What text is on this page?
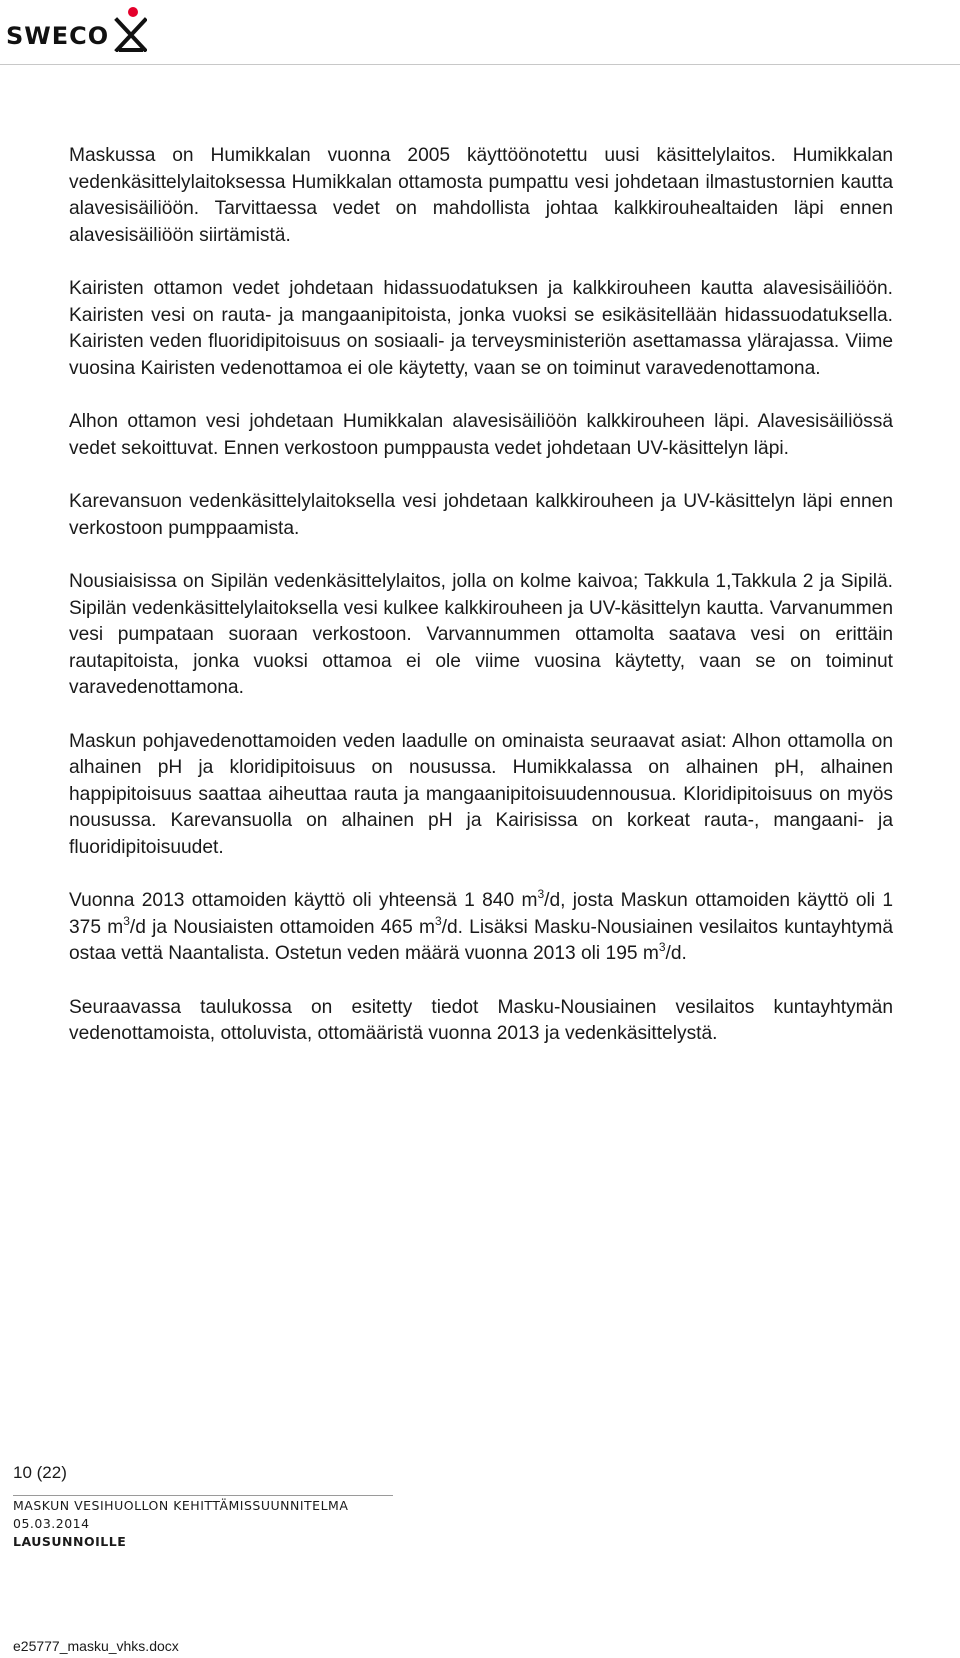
SWECO

Maskussa on Humikkalan vuonna 2005 käyttöönotettu uusi käsittelylaitos. Humikkalan vedenkäsittelylaitoksessa Humikkalan ottamosta pumpattu vesi johdetaan ilmastustornien kautta alavesisäiliöön. Tarvittaessa vedet on mahdollista johtaa kalkkirouhealtaiden läpi ennen alavesisäiliöön siirtämistä.

Kairisten ottamon vedet johdetaan hidassuodatuksen ja kalkkirouheen kautta alavesisäiliöön. Kairisten vesi on rauta- ja mangaanipitoista, jonka vuoksi se esikäsitellään hidassuodatuksella. Kairisten veden fluoridipitoisuus on sosiaali- ja terveysministeriön asettamassa ylärajassa. Viime vuosina Kairisten vedenottamoa ei ole käytetty, vaan se on toiminut varavedenottamona.

Alhon ottamon vesi johdetaan Humikkalan alavesisäiliöön kalkkirouheen läpi. Alavesisäiliössä vedet sekoittuvat. Ennen verkostoon pumppausta vedet johdetaan UV-käsittelyn läpi.

Karevansuon vedenkäsittelylaitoksella vesi johdetaan kalkkirouheen ja UV-käsittelyn läpi ennen verkostoon pumppaamista.

Nousiaisissa on Sipilän vedenkäsittelylaitos, jolla on kolme kaivoa; Takkula 1,Takkula 2 ja Sipilä. Sipilän vedenkäsittelylaitoksella vesi kulkee kalkkirouheen ja UV-käsittelyn kautta. Varvanummen vesi pumpataan suoraan verkostoon. Varvannummen ottamolta saatava vesi on erittäin rautapitoista, jonka vuoksi ottamoa ei ole viime vuosina käytetty, vaan se on toiminut varavedenottamona.

Maskun pohjavedenottamoiden veden laadulle on ominaista seuraavat asiat: Alhon ottamolla on alhainen pH ja kloridipitoisuus on nousussa. Humikkalassa on alhainen pH, alhainen happipitoisuus saattaa aiheuttaa rauta ja mangaanipitoisuudennousua. Kloridipitoisuus on myös nousussa. Karevansuolla on alhainen pH ja Kairisissa on korkeat rauta-, mangaani- ja fluoridipitoisuudet.

Vuonna 2013 ottamoiden käyttö oli yhteensä 1 840 $m^3/d$, josta Maskun ottamoiden käyttö oli 1 375 $m^3/d$ ja Nousiaisten ottamoiden 465 $m^3/d$. Lisäksi Masku-Nousiainen vesilaitos kuntayhtymä ostaa vettä Naantalista. Ostetun veden määrä vuonna 2013 oli 195 $m^3/d$.

Seuraavassa taulukossa on esitetty tiedot Masku-Nousiainen vesilaitos kuntayhtymän vedenottamoista, ottoluvista, ottomääristä vuonna 2013 ja vedenkäsittelystä.

10 (22)
MASKUN VESIHUOLLON KEHITTÄMISSUUNNITELMA
05.03.2014
LAUSUNNOILLE
e25777_masku_vhks.docx
